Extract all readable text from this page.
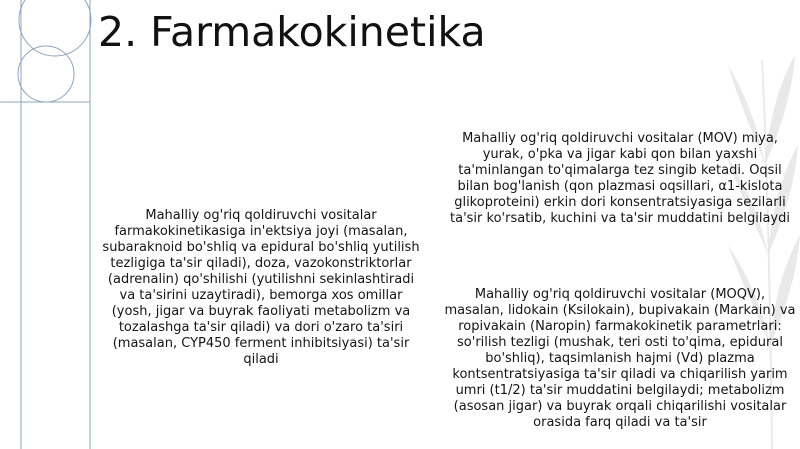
2. Farmakokinetika

Mahalliy og'riq qoldiruvchi vositalar farmakokinetikasiga in'ektsiya joyi (masalan, subaraknoid bo'shliq va epidural bo'shliq yutilish tezligiga ta'sir qiladi), doza, vazokonstriktorlar (adrenalin) qo'shilishi (yutilishni sekinlashtiradi va ta'sirini uzaytiradi), bemorga xos omillar (yosh, jigar va buyrak faoliyati metabolizm va tozalashga ta'sir qiladi) va dori o'zaro ta'siri (masalan, CYP450 ferment inhibitsiyasi) ta'sir qiladi

Mahalliy og'riq qoldiruvchi vositalar (MOV) miya, yurak, o'pka va jigar kabi qon bilan yaxshi ta'minlangan to'qimalarga tez singib ketadi. Oqsil bilan bog'lanish (qon plazmasi oqsillari, α1-kislota glikoproteini) erkin dori konsentratsiyasiga sezilarli ta'sir ko'rsatib, kuchini va ta'sir muddatini belgilaydi

Mahalliy og'riq qoldiruvchi vositalar (MOQV), masalan, lidokain (Ksilokain), bupivakain (Markain) va ropivakain (Naropin) farmakokinetik parametrlari: so'rilish tezligi (mushak, teri osti to'qima, epidural bo'shliq), taqsimlanish hajmi (Vd) plazma kontsentratsiyasiga ta'sir qiladi va chiqarilish yarim umri (t1/2) ta'sir muddatini belgilaydi; metabolizm (asosan jigar) va buyrak orqali chiqarilishi vositalar orasida farq qiladi va ta'sir
